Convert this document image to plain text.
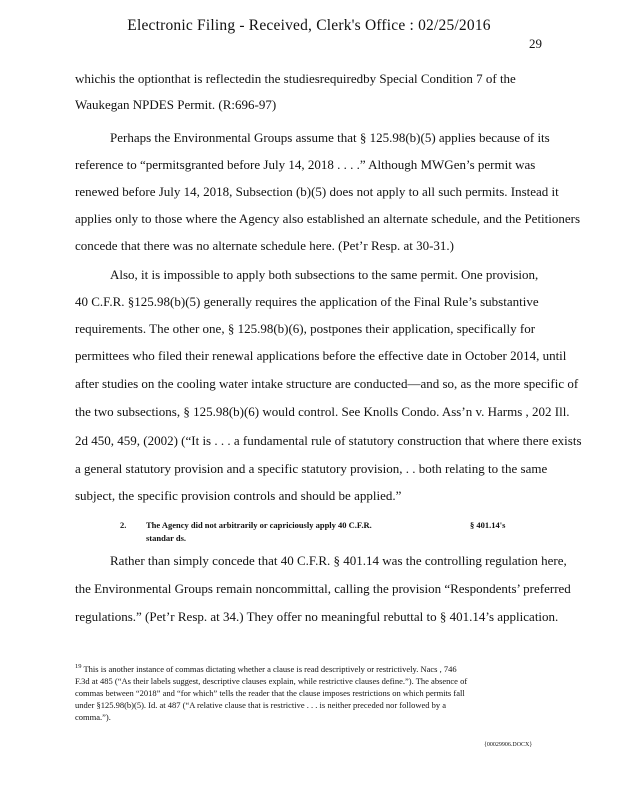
Electronic Filing - Received, Clerk's Office : 02/25/2016
29
whichis the optionthat is reflectedin the studiesrequiredby Special Condition 7 of the
Waukegan NPDES Permit. (R:696-97)
Perhaps the Environmental Groups assume that § 125.98(b)(5) applies because of its
reference to “permitsgranted before July 14, 2018 . . . .” Although MWGen’s permit was
renewed before July 14, 2018, Subsection (b)(5) does not apply to all such permits. Instead it
applies only to those where the Agency also established an alternate schedule, and the Petitioners
concede that there was no alternate schedule here. (Pet’r Resp. at 30-31.)
Also, it is impossible to apply both subsections to the same permit. One provision,
40 C.F.R. §125.98(b)(5) generally requires the application of the Final Rule’s substantive
requirements. The other one, § 125.98(b)(6), postpones their application, specifically for
permittees who filed their renewal applications before the effective date in October 2014, until
after studies on the cooling water intake structure are conducted—and so, as the more specific of
the two subsections, § 125.98(b)(6) would control. See Knolls Condo. Ass’n v. Harms , 202 Ill.
2d 450, 459, (2002) (“It is . . . a fundamental rule of statutory construction that where there exists
a general statutory provision and a specific statutory provision, . . both relating to the same
subject, the specific provision controls and should be applied.”
2. The Agency did not arbitrarily or capriciously apply 40 C.F.R.	§ 401.14's
standar ds.
Rather than simply concede that 40 C.F.R. § 401.14 was the controlling regulation here,
the Environmental Groups remain noncommittal, calling the provision “Respondents’ preferred
regulations.” (Pet’r Resp. at 34.) They offer no meaningful rebuttal to § 401.14’s application.
$^{19}$ This is another instance of commas dictating whether a clause is read descriptively or restrictively. Nacs , 746
F.3d at 485 (“As their labels suggest, descriptive clauses explain, while restrictive clauses define.”). The absence of
commas between “2018” and “for which” tells the reader that the clause imposes restrictions on which permits fall
under §125.98(b)(5). Id. at 487 (“A relative clause that is restrictive . . . is neither preceded nor followed by a
comma.”).
{00029906.DOCX}
